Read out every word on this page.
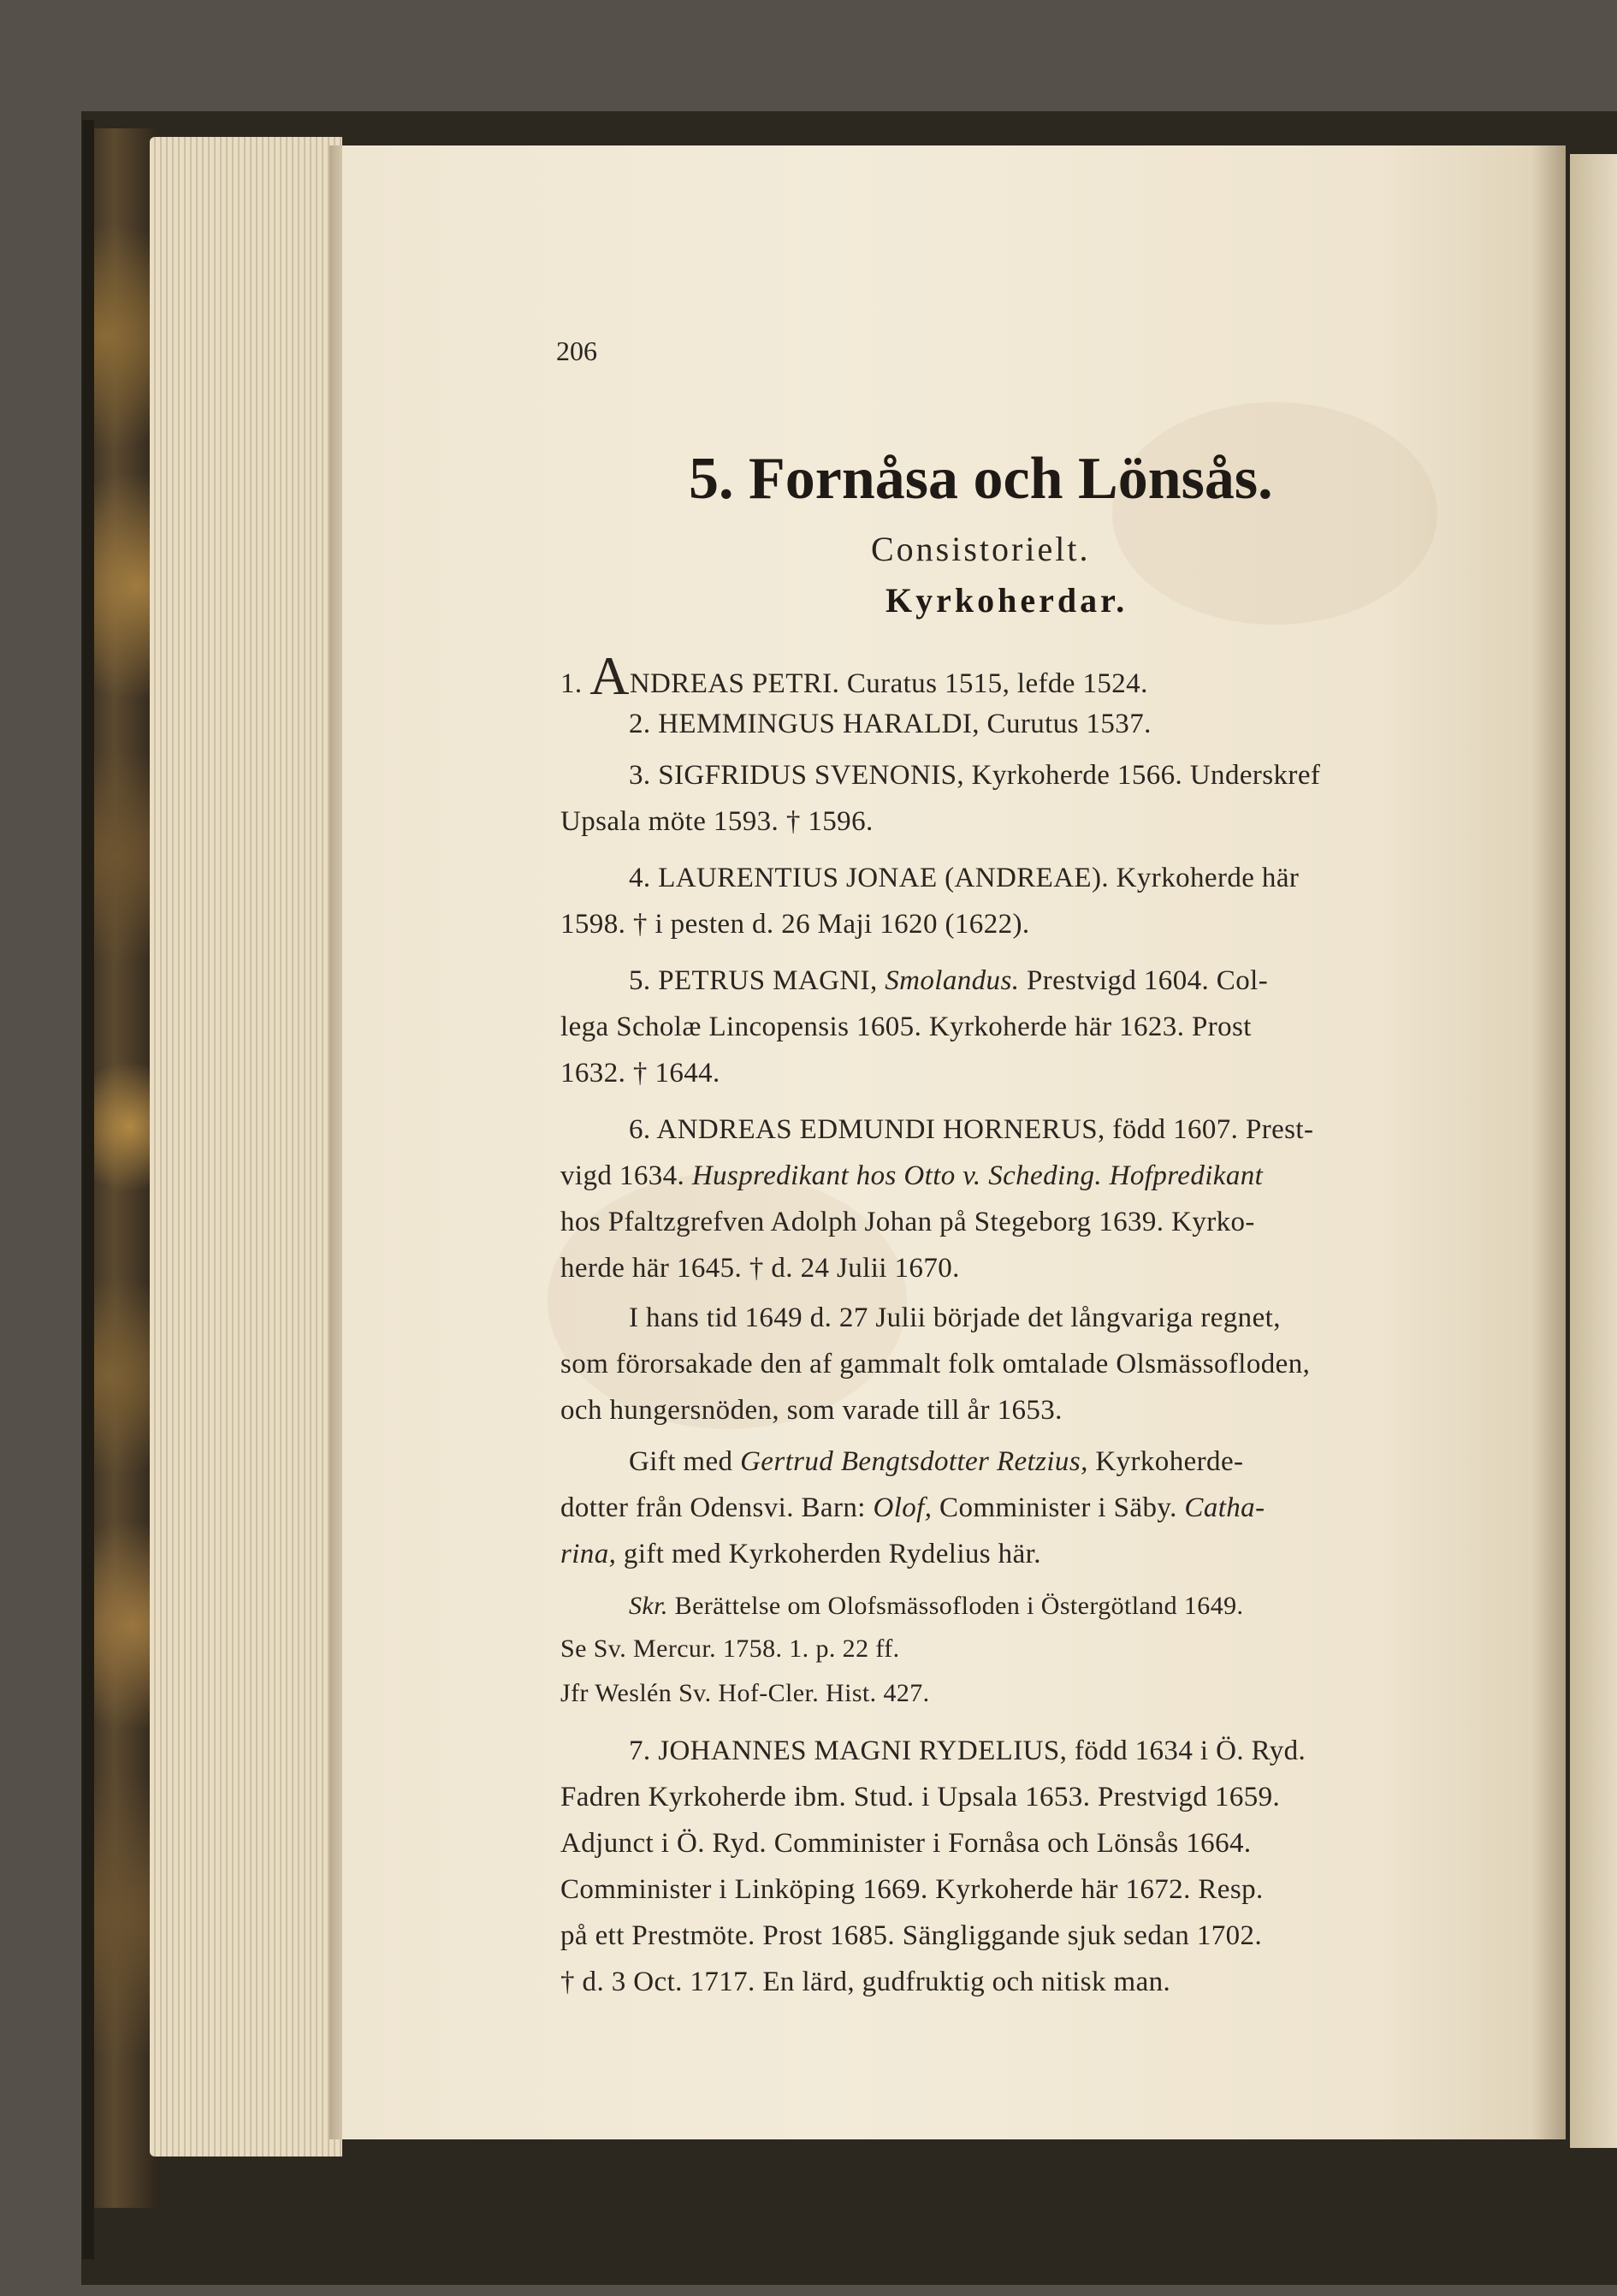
206
5. Fornåsa och Lönsås.
Consistorielt.
Kyrkoherdar.
1. ANDREAS PETRI. Curatus 1515, lefde 1524.
2. HEMMINGUS HARALDI, Curutus 1537.
3. SIGFRIDUS SVENONIS, Kyrkoherde 1566. Underskref
Upsala möte 1593. † 1596.
4. LAURENTIUS JONAE (ANDREAE). Kyrkoherde här
1598. † i pesten d. 26 Maji 1620 (1622).
5. PETRUS MAGNI, Smolandus. Prestvigd 1604. Col-
lega Scholæ Lincopensis 1605. Kyrkoherde här 1623. Prost
1632. † 1644.
6. ANDREAS EDMUNDI HORNERUS, född 1607. Prest-
vigd 1634. Huspredikant hos Otto v. Scheding. Hofpredikant
hos Pfaltzgrefven Adolph Johan på Stegeborg 1639. Kyrko-
herde här 1645. † d. 24 Julii 1670.
I hans tid 1649 d. 27 Julii började det långvariga regnet,
som förorsakade den af gammalt folk omtalade Olsmässofloden,
och hungersnöden, som varade till år 1653.
Gift med Gertrud Bengtsdotter Retzius, Kyrkoherde-
dotter från Odensvi. Barn: Olof, Comminister i Säby. Catha-
rina, gift med Kyrkoherden Rydelius här.
Skr. Berättelse om Olofsmässofloden i Östergötland 1649.
Se Sv. Mercur. 1758. 1. p. 22 ff.
Jfr Weslén Sv. Hof-Cler. Hist. 427.
7. JOHANNES MAGNI RYDELIUS, född 1634 i Ö. Ryd.
Fadren Kyrkoherde ibm. Stud. i Upsala 1653. Prestvigd 1659.
Adjunct i Ö. Ryd. Comminister i Fornåsa och Lönsås 1664.
Comminister i Linköping 1669. Kyrkoherde här 1672. Resp.
på ett Prestmöte. Prost 1685. Sängliggande sjuk sedan 1702.
† d. 3 Oct. 1717. En lärd, gudfruktig och nitisk man.
